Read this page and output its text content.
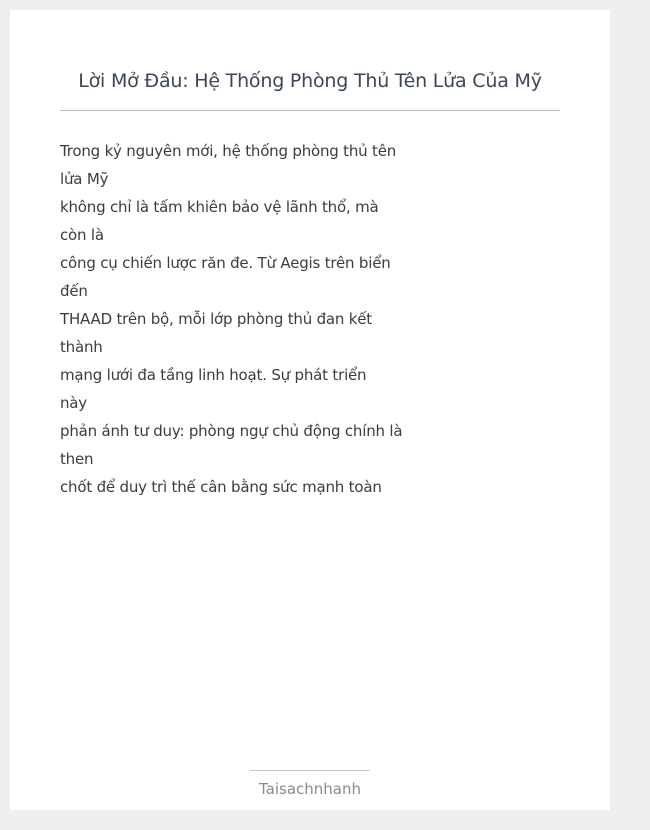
Lời Mở Đầu: Hệ Thống Phòng Thủ Tên Lửa Của Mỹ
Trong kỷ nguyên mới, hệ thống phòng thủ tên
lửa Mỹ
không chỉ là tấm khiên bảo vệ lãnh thổ, mà
còn là
công cụ chiến lược răn đe. Từ Aegis trên biển
đến
THAAD trên bộ, mỗi lớp phòng thủ đan kết
thành
mạng lưới đa tầng linh hoạt. Sự phát triển
này
phản ánh tư duy: phòng ngự chủ động chính là
then
chốt để duy trì thế cân bằng sức mạnh toàn
Taisachnhanh
